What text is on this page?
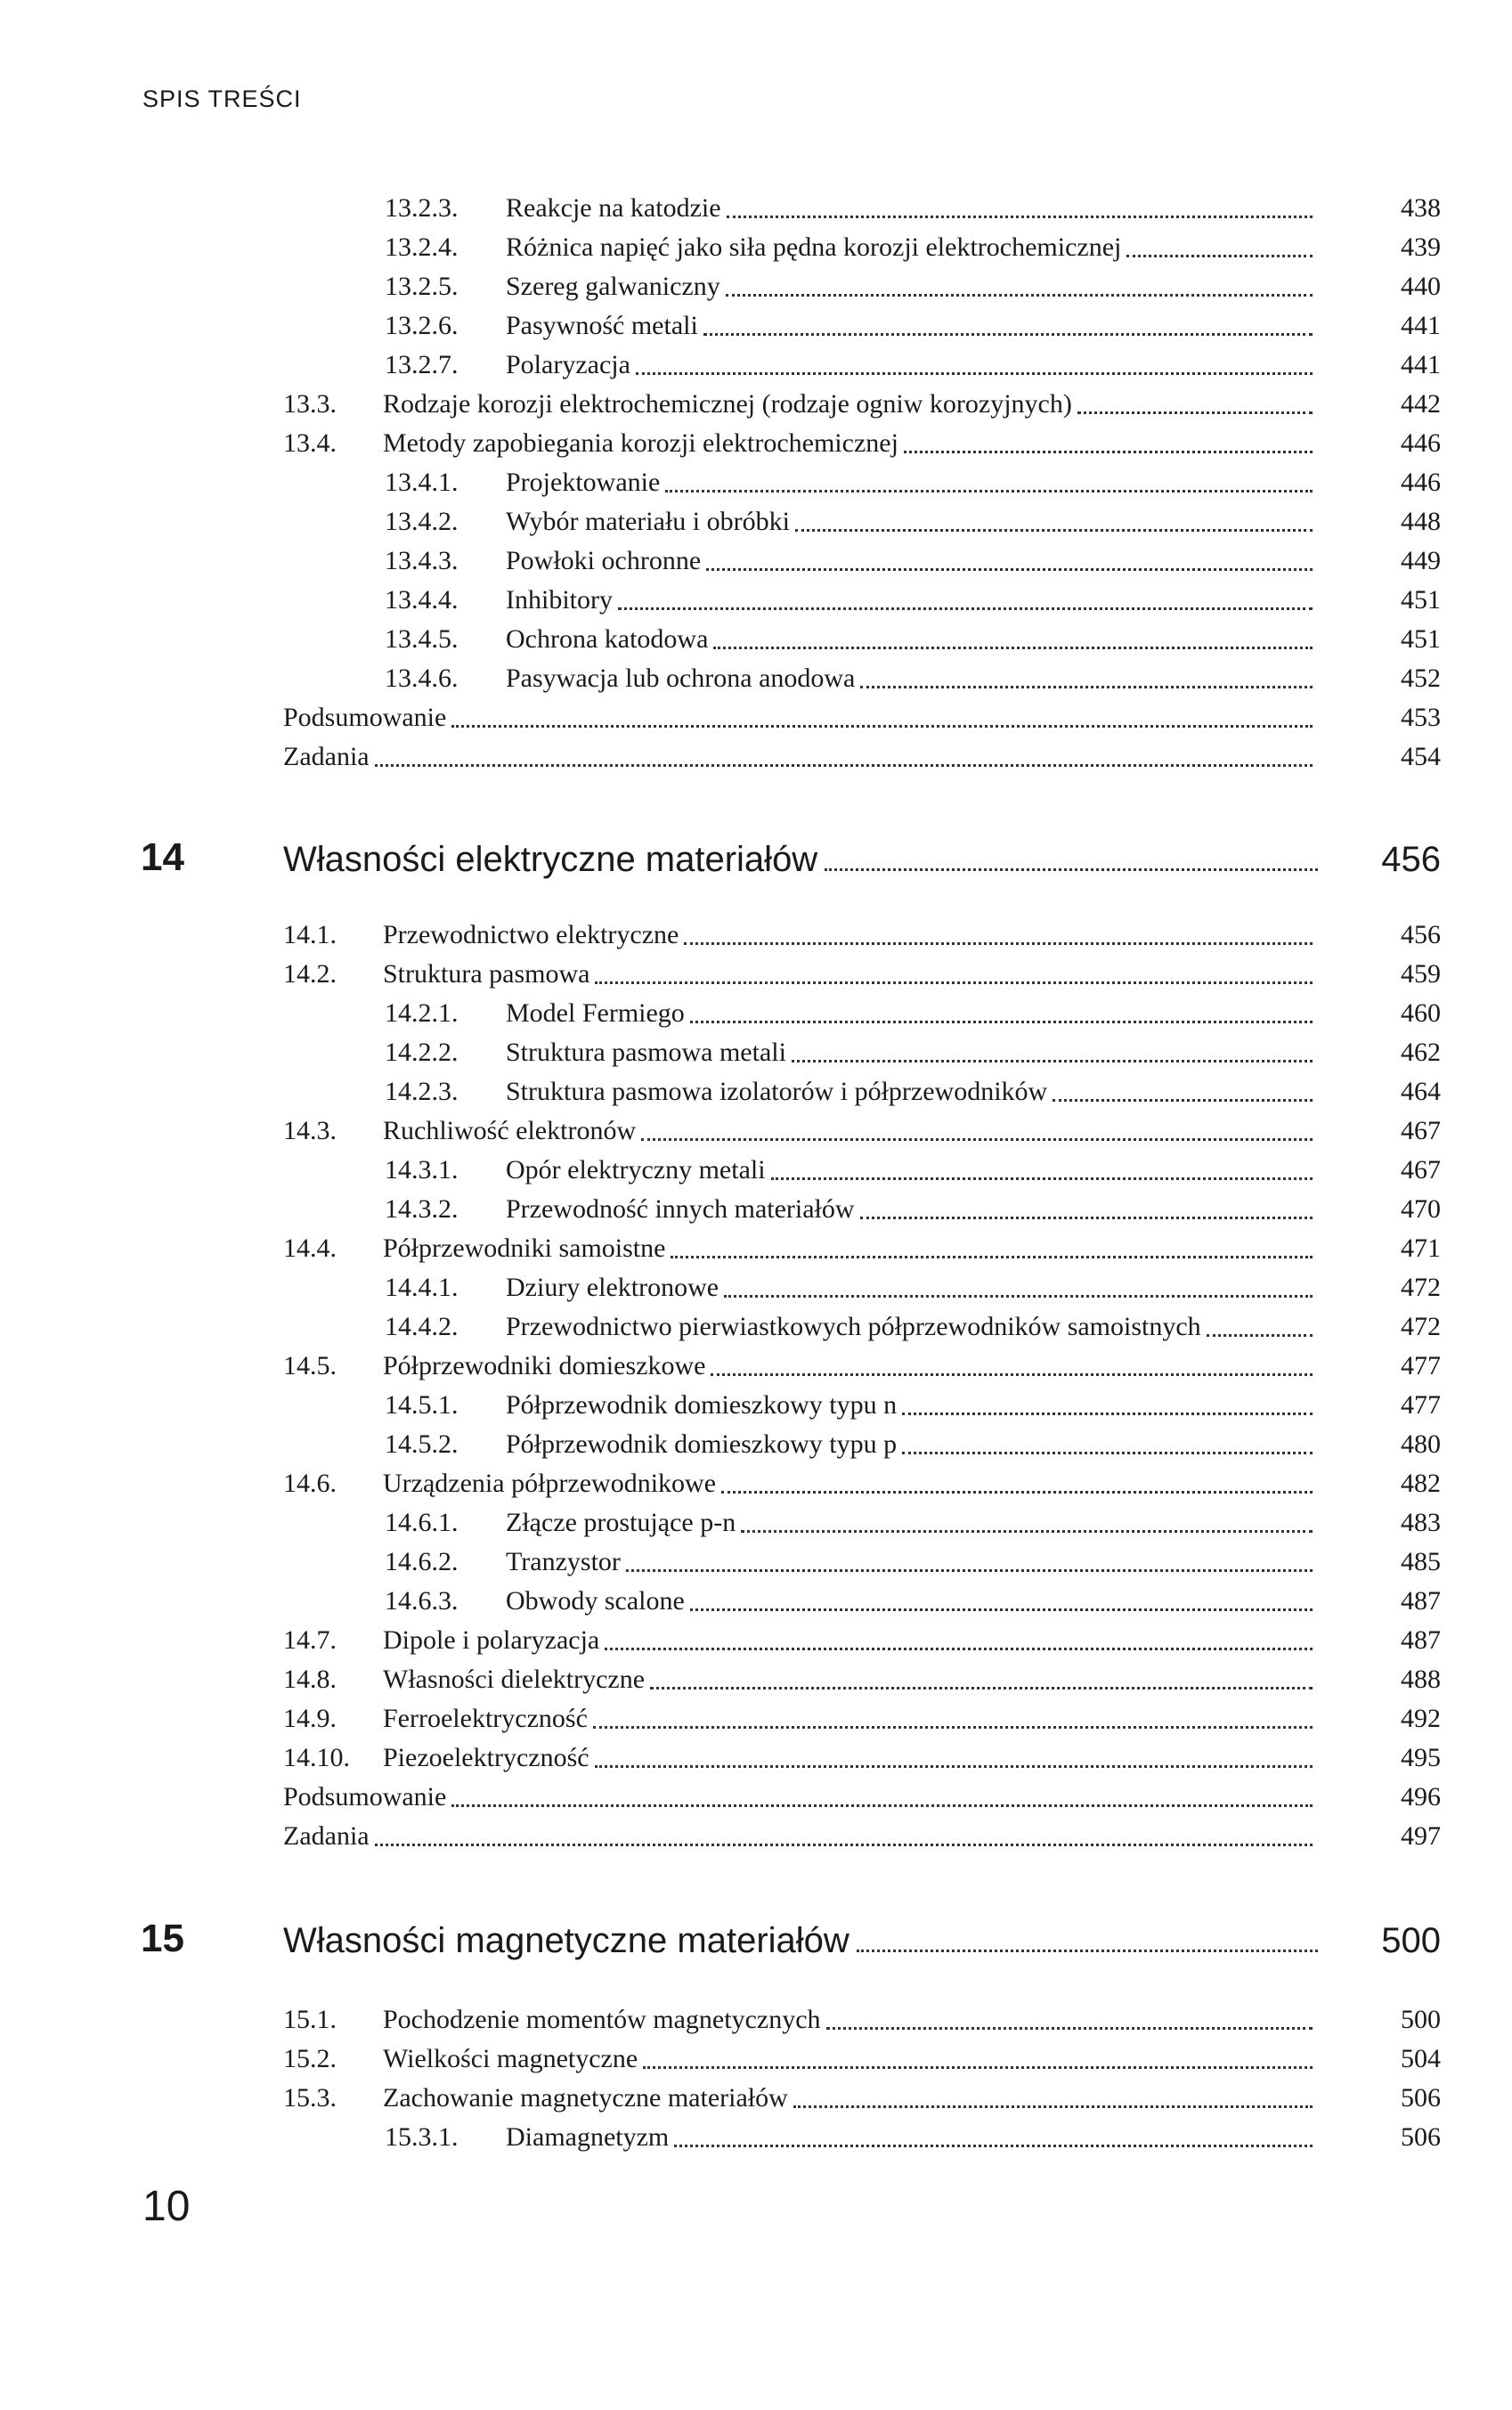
SPIS TREŚCI
13.2.3. Reakcje na katodzie	438
13.2.4. Różnica napięć jako siła pędna korozji elektrochemicznej	439
13.2.5. Szereg galwaniczny	440
13.2.6. Pasywność metali	441
13.2.7. Polaryzacja	441
13.3. Rodzaje korozji elektrochemicznej (rodzaje ogniw korozyjnych)	442
13.4. Metody zapobiegania korozji elektrochemicznej	446
13.4.1. Projektowanie	446
13.4.2. Wybór materiału i obróbki	448
13.4.3. Powłoki ochronne	449
13.4.4. Inhibitory	451
13.4.5. Ochrona katodowa	451
13.4.6. Pasywacja lub ochrona anodowa	452
Podsumowanie	453
Zadania	454
14	Własności elektryczne materiałów	456
14.1. Przewodnictwo elektryczne	456
14.2. Struktura pasmowa	459
14.2.1. Model Fermiego	460
14.2.2. Struktura pasmowa metali	462
14.2.3. Struktura pasmowa izolatorów i półprzewodników	464
14.3. Ruchliwość elektronów	467
14.3.1. Opór elektryczny metali	467
14.3.2. Przewodność innych materiałów	470
14.4. Półprzewodniki samoistne	471
14.4.1. Dziury elektronowe	472
14.4.2. Przewodnictwo pierwiastkowych półprzewodników samoistnych	472
14.5. Półprzewodniki domieszkowe	477
14.5.1. Półprzewodnik domieszkowy typu n	477
14.5.2. Półprzewodnik domieszkowy typu p	480
14.6. Urządzenia półprzewodnikowe	482
14.6.1. Złącze prostujące p-n	483
14.6.2. Tranzystor	485
14.6.3. Obwody scalone	487
14.7. Dipole i polaryzacja	487
14.8. Własności dielektryczne	488
14.9. Ferroelektryczność	492
14.10. Piezoelektryczność	495
Podsumowanie	496
Zadania	497
15	Własności magnetyczne materiałów	500
15.1. Pochodzenie momentów magnetycznych	500
15.2. Wielkości magnetyczne	504
15.3. Zachowanie magnetyczne materiałów	506
15.3.1. Diamagnetyzm	506
10
